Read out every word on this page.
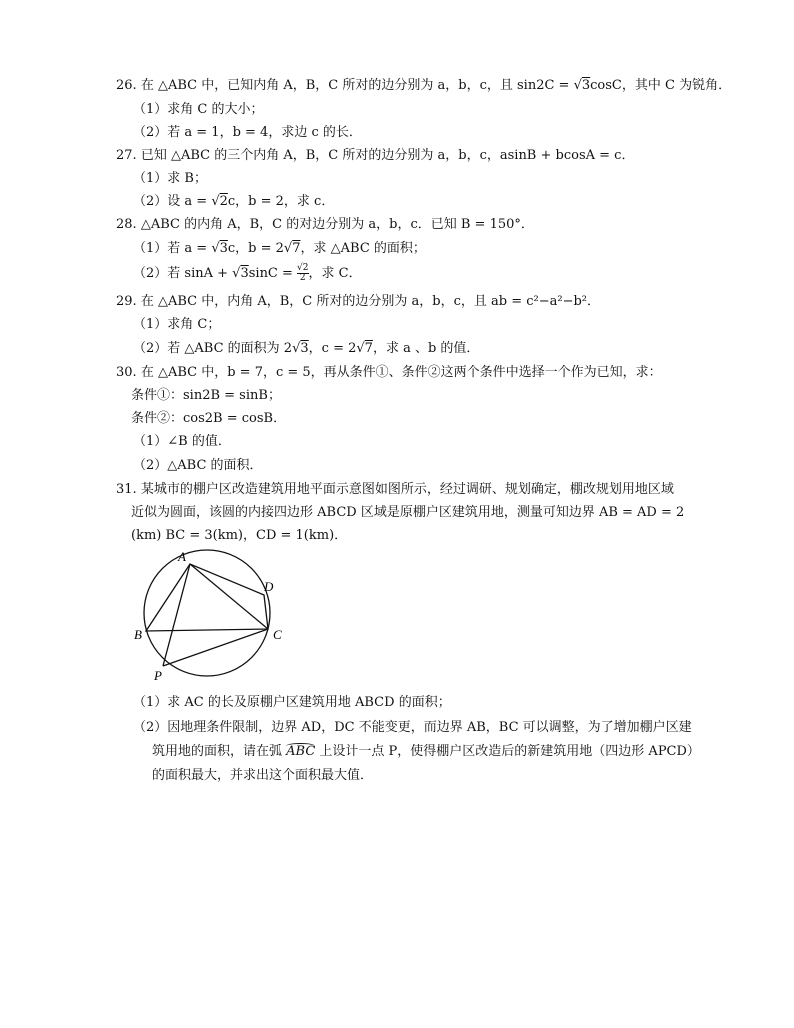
26. 在 △ABC 中，已知内角 A，B，C 所对的边分别为 a，b，c，且 sin2C = √3cosC，其中 C 为锐角．
（1）求角 C 的大小；
（2）若 a = 1，b = 4，求边 c 的长．
27. 已知 △ABC 的三个内角 A，B，C 所对的边分别为 a，b，c，asinB + bcosA = c．
（1）求 B；
（2）设 a = √2c，b = 2，求 c．
28. △ABC 的内角 A，B，C 的对边分别为 a，b，c．已知 B = 150°．
（1）若 a = √3c，b = 2√7，求 △ABC 的面积；
（2）若 $\sin A + √3\sin C = \frac{√2}{2}$ ，求 C．
29. 在 △ABC 中，内角 A，B，C 所对的边分别为 a，b，c，且 ab = c²−a²−b²．
（1）求角 C；
（2）若 △ABC 的面积为 2√3，c = 2√7，求 a 、b 的值．
30. 在 △ABC 中，b = 7，c = 5，再从条件①、条件②这两个条件中选择一个作为已知，求：
条件①：sin2B = sinB；
条件②：cos2B = cosB．
（1）∠B 的值．
（2）△ABC 的面积．
31. 某城市的棚户区改造建筑用地平面示意图如图所示，经过调研、规划确定，棚改规划用地区域
近似为圆面，该圆的内接四边形 ABCD 区域是原棚户区建筑用地，测量可知边界 AB = AD = 2
(km) BC = 3(km)，CD = 1(km)．
A
B	C
D
P
（1）求 AC 的长及原棚户区建筑用地 ABCD 的面积；
（2）因地理条件限制，边界 AD，DC 不能变更，而边界 AB，BC 可以调整，为了增加棚户区建
筑用地的面积，请在弧
ABC 上设计一点 P，使得棚户区改造后的新建筑用地（四边形 APCD）
的面积最大，并求出这个面积最大值．
